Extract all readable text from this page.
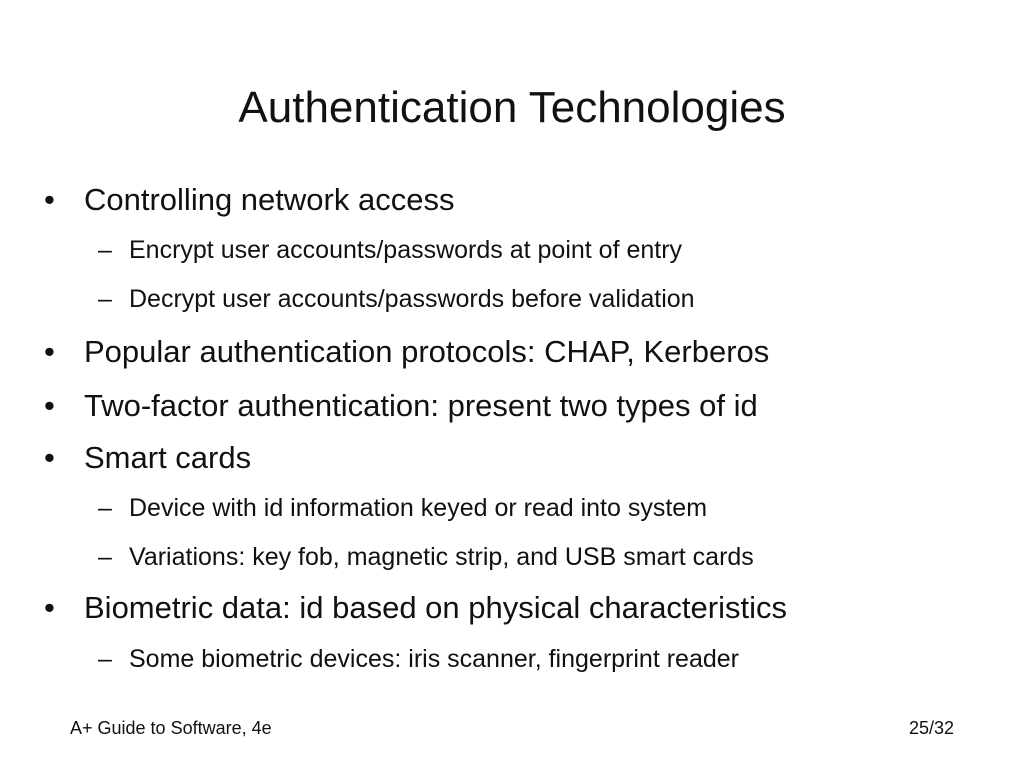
Authentication Technologies
• Controlling network access
– Encrypt user accounts/passwords at point of entry
– Decrypt user accounts/passwords before validation
• Popular authentication protocols: CHAP, Kerberos
• Two-factor authentication: present two types of id
• Smart cards
– Device with id information keyed or read into system
– Variations: key fob, magnetic strip, and USB smart cards
• Biometric data: id based on physical characteristics
– Some biometric devices: iris scanner, fingerprint reader
A+ Guide to Software, 4e	25/32
